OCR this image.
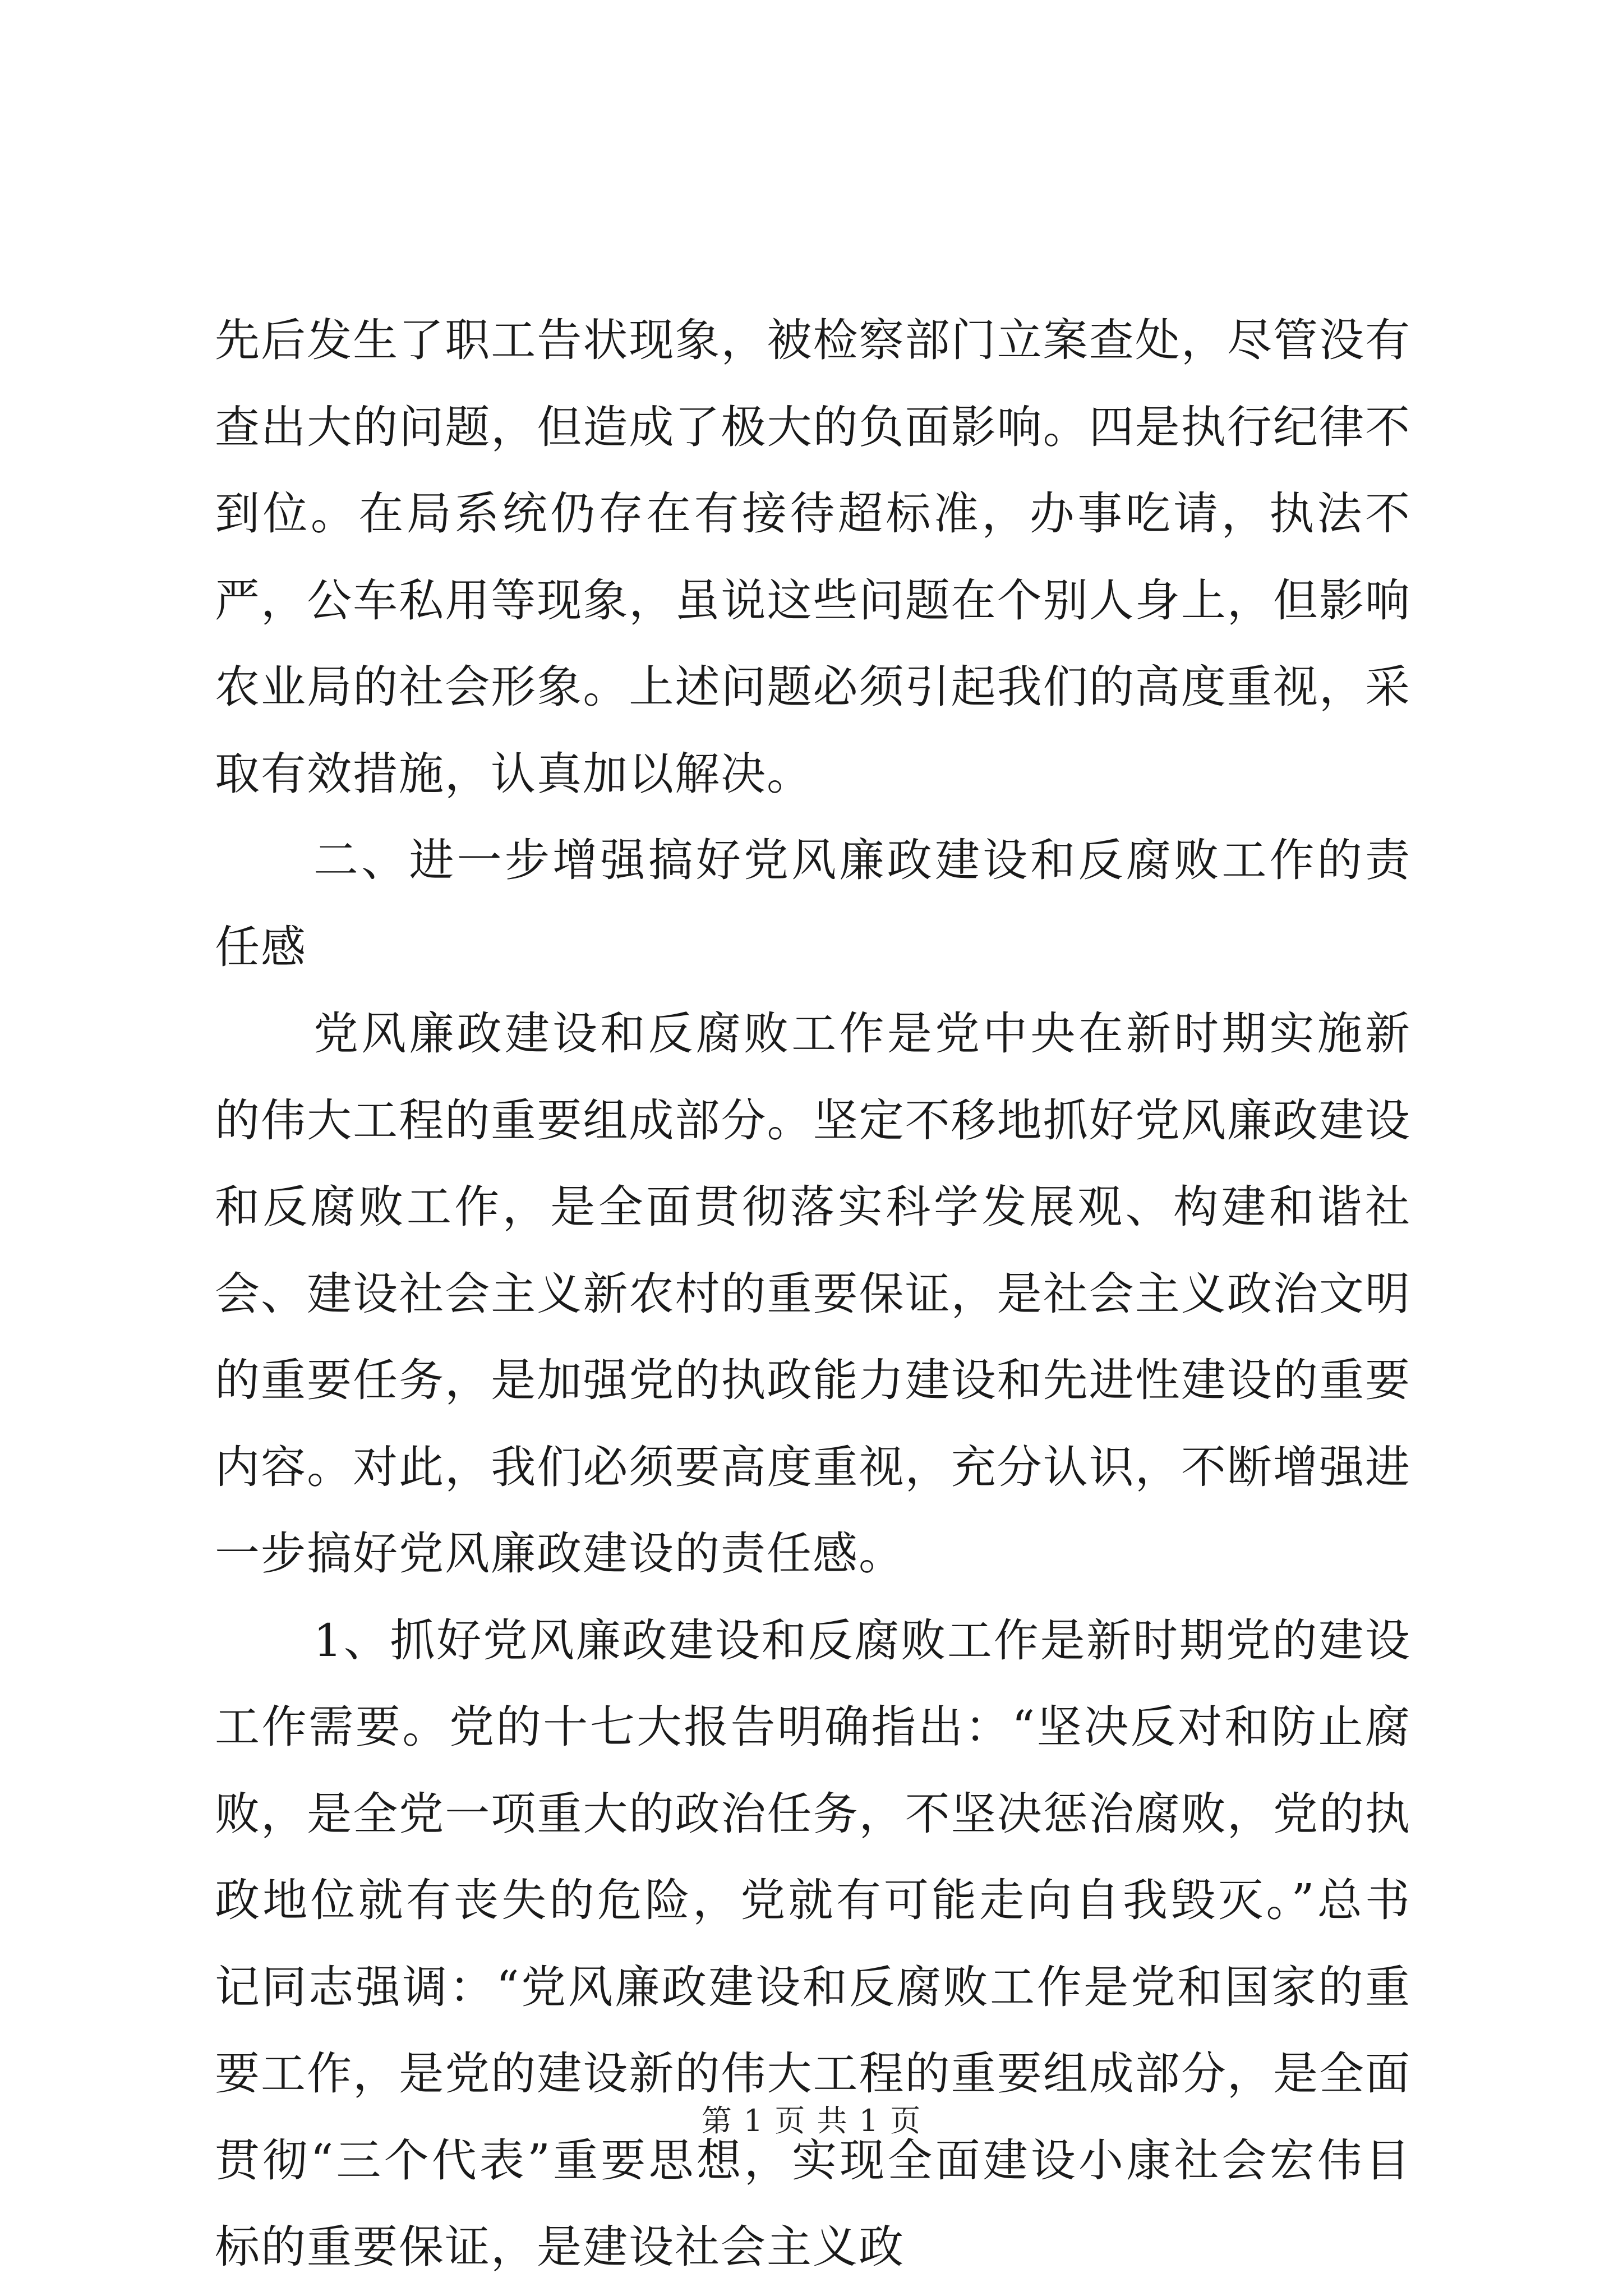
先后发生了职工告状现象，被检察部门立案查处，尽管没有查出大的问题，但造成了极大的负面影响。四是执行纪律不到位。在局系统仍存在有接待超标准，办事吃请，执法不严，公车私用等现象，虽说这些问题在个别人身上，但影响农业局的社会形象。上述问题必须引起我们的高度重视，采取有效措施，认真加以解决。

二、进一步增强搞好党风廉政建设和反腐败工作的责任感

党风廉政建设和反腐败工作是党中央在新时期实施新的伟大工程的重要组成部分。坚定不移地抓好党风廉政建设和反腐败工作，是全面贯彻落实科学发展观、构建和谐社会、建设社会主义新农村的重要保证，是社会主义政治文明的重要任务，是加强党的执政能力建设和先进性建设的重要内容。对此，我们必须要高度重视，充分认识，不断增强进一步搞好党风廉政建设的责任感。

1、抓好党风廉政建设和反腐败工作是新时期党的建设工作需要。党的十七大报告明确指出：“坚决反对和防止腐败，是全党一项重大的政治任务，不坚决惩治腐败，党的执政地位就有丧失的危险，党就有可能走向自我毁灭。”总书记同志强调：“党风廉政建设和反腐败工作是党和国家的重要工作，是党的建设新的伟大工程的重要组成部分，是全面贯彻“三个代表”重要思想，实现全面建设小康社会宏伟目标的重要保证，是建设社会主义政

第 1 页 共 1 页
